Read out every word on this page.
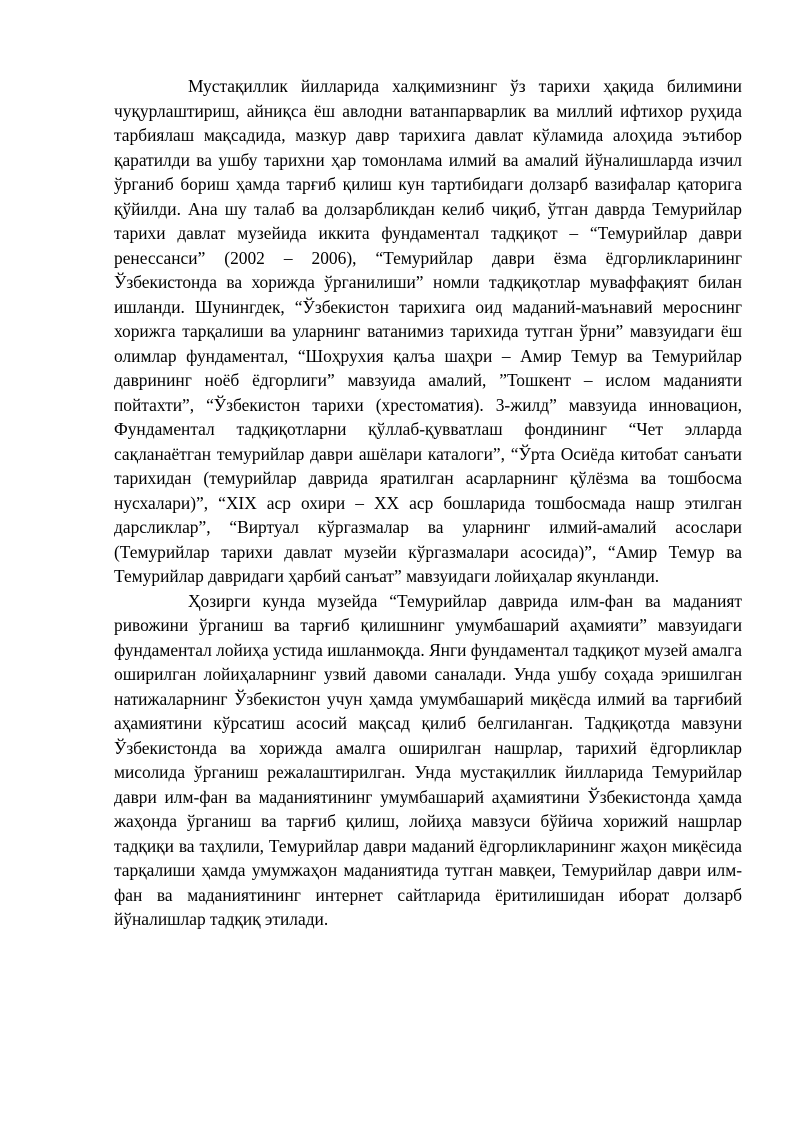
Мустақиллик йилларида халқимизнинг ўз тарихи ҳақида билимини чуқурлаштириш, айниқса ёш авлодни ватанпарварлик ва миллий ифтихор руҳида тарбиялаш мақсадида, мазкур давр тарихига давлат кўламида алоҳида эътибор қаратилди ва ушбу тарихни ҳар томонлама илмий ва амалий йўналишларда изчил ўрганиб бориш ҳамда тарғиб қилиш кун тартибидаги долзарб вазифалар қаторига қўйилди. Ана шу талаб ва долзарбликдан келиб чиқиб, ўтган даврда Темурийлар тарихи давлат музейида иккита фундаментал тадқиқот – “Темурийлар даври ренессанси” (2002 – 2006), “Темурийлар даври ёзма ёдгорликларининг Ўзбекистонда ва хорижда ўрганилиши” номли тадқиқотлар муваффақият билан ишланди. Шунингдек, “Ўзбекистон тарихига оид маданий-маънавий мероснинг хорижга тарқалиши ва уларнинг ватанимиз тарихида тутган ўрни” мавзуидаги ёш олимлар фундаментал, “Шоҳрухия қалъа шаҳри – Амир Темур ва Темурийлар даврининг ноёб ёдгорлиги” мавзуида амалий, ”Тошкент – ислом маданияти пойтахти”, “Ўзбекистон тарихи (хрестоматия). 3-жилд” мавзуида инновацион, Фундаментал тадқиқотларни қўллаб-қувватлаш фондининг “Чет элларда сақланаётган темурийлар даври ашёлари каталоги”, “Ўрта Осиёда китобат санъати тарихидан (темурийлар даврида яратилган асарларнинг қўлёзма ва тошбосма нусхалари)”, “XIX аср охири – XX аср бошларида тошбосмада нашр этилган дарсликлар”, “Виртуал кўргазмалар ва уларнинг илмий-амалий асослари (Темурийлар тарихи давлат музейи кўргазмалари асосида)”, “Амир Темур ва Темурийлар давридаги ҳарбий санъат” мавзуидаги лойиҳалар якунланди.

Ҳозирги кунда музейда “Темурийлар даврида илм-фан ва маданият ривожини ўрганиш ва тарғиб қилишнинг умумбашарий аҳамияти” мавзуидаги фундаментал лойиҳа устида ишланмоқда. Янги фундаментал тадқиқот музей амалга оширилган лойиҳаларнинг узвий давоми саналади. Унда ушбу соҳада эришилган натижаларнинг Ўзбекистон учун ҳамда умумбашарий миқёсда илмий ва тарғибий аҳамиятини кўрсатиш асосий мақсад қилиб белгиланган. Тадқиқотда мавзуни Ўзбекистонда ва хорижда амалга оширилган нашрлар, тарихий ёдгорликлар мисолида ўрганиш режалаштирилган. Унда мустақиллик йилларида Темурийлар даври илм-фан ва маданиятининг умумбашарий аҳамиятини Ўзбекистонда ҳамда жаҳонда ўрганиш ва тарғиб қилиш, лойиҳа мавзуси бўйича хорижий нашрлар тадқиқи ва таҳлили, Темурийлар даври маданий ёдгорликларининг жаҳон миқёсида тарқалиши ҳамда умумжаҳон маданиятида тутган мавқеи, Темурийлар даври илм-фан ва маданиятининг интернет сайтларида ёритилишидан иборат долзарб йўналишлар тадқиқ этилади.
